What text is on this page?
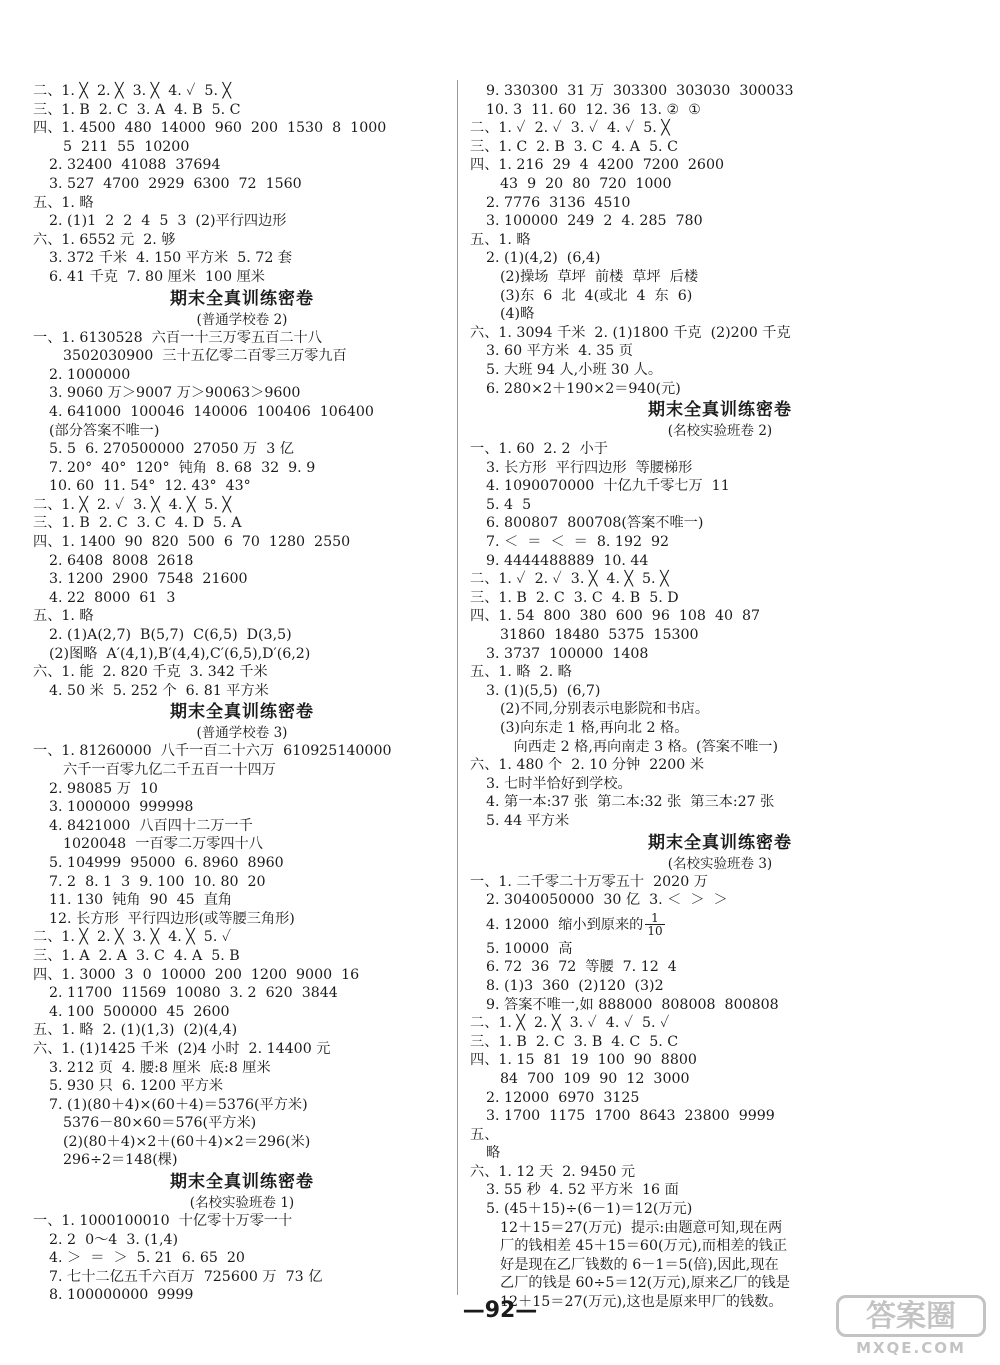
二、1. ╳  2. ╳  3. ╳  4. ✓  5. ╳
三、1. B  2. C  3. A  4. B  5. C
四、1. 4500  480  14000  960  200  1530  8  1000
5  211  55  10200
2. 32400  41088  37694
3. 527  4700  2929  6300  72  1560
五、1. 略
2. (1)1  2  2  4  5  3  (2)平行四边形
六、1. 6552 元  2. 够
3. 372 千米  4. 150 平方米  5. 72 套
6. 41 千克  7. 80 厘米  100 厘米
期末全真训练密卷
(普通学校卷 2)
一、1. 6130528  六百一十三万零五百二十八
3502030900  三十五亿零二百零三万零九百
2. 1000000
3. 9060 万＞9007 万＞90063＞9600
4. 641000  100046  140006  100406  106400
(部分答案不唯一)
5. 5  6. 270500000  27050 万  3 亿
7. 20°  40°  120°  钝角  8. 68  32  9. 9
10. 60  11. 54°  12. 43°  43°
二、1. ╳  2. ✓  3. ╳  4. ╳  5. ╳
三、1. B  2. C  3. C  4. D  5. A
四、1. 1400  90  820  500  6  70  1280  2550
2. 6408  8008  2618
3. 1200  2900  7548  21600
4. 22  8000  61  3
五、1. 略
2. (1)A(2,7)  B(5,7)  C(6,5)  D(3,5)
(2)图略  A′(4,1),B′(4,4),C′(6,5),D′(6,2)
六、1. 能  2. 820 千克  3. 342 千米
4. 50 米  5. 252 个  6. 81 平方米
期末全真训练密卷
(普通学校卷 3)
一、1. 81260000  八千一百二十六万  610925140000
六千一百零九亿二千五百一十四万
2. 98085 万  10
3. 1000000  999998
4. 8421000  八百四十二万一千
1020048  一百零二万零四十八
5. 104999  95000  6. 8960  8960
7. 2  8. 1  3  9. 100  10. 80  20
11. 130  钝角  90  45  直角
12. 长方形  平行四边形(或等腰三角形)
二、1. ╳  2. ╳  3. ╳  4. ╳  5. ✓
三、1. A  2. A  3. C  4. A  5. B
四、1. 3000  3  0  10000  200  1200  9000  16
2. 11700  11569  10080  3. 2  620  3844
4. 100  500000  45  2600
五、1. 略  2. (1)(1,3)  (2)(4,4)
六、1. (1)1425 千米  (2)4 小时  2. 14400 元
3. 212 页  4. 腰:8 厘米  底:8 厘米
5. 930 只  6. 1200 平方米
7. (1)(80＋4)×(60＋4)＝5376(平方米)
5376－80×60＝576(平方米)
(2)(80＋4)×2＋(60＋4)×2＝296(米)
296÷2＝148(棵)
期末全真训练密卷
(名校实验班卷 1)
一、1. 1000100010  十亿零十万零一十
2. 2  0～4  3. (1,4)
4. ＞  ＝  ＞  5. 21  6. 65  20
7. 七十二亿五千六百万  725600 万  73 亿
8. 100000000  9999
9. 330300  31 万  303300  303030  300033
10. 3  11. 60  12. 36  13. ②  ①
二、1. ✓  2. ✓  3. ✓  4. ✓  5. ╳
三、1. C  2. B  3. C  4. A  5. C
四、1. 216  29  4  4200  7200  2600
43  9  20  80  720  1000
2. 7776  3136  4510
3. 100000  249  2  4. 285  780
五、1. 略
2. (1)(4,2)  (6,4)
(2)操场  草坪  前楼  草坪  后楼
(3)东  6  北  4(或北  4  东  6)
(4)略
六、1. 3094 千米  2. (1)1800 千克  (2)200 千克
3. 60 平方米  4. 35 页
5. 大班 94 人,小班 30 人。
6. 280×2＋190×2＝940(元)
期末全真训练密卷
(名校实验班卷 2)
一、1. 60  2. 2  小于
3. 长方形  平行四边形  等腰梯形
4. 1090070000  十亿九千零七万  11
5. 4  5
6. 800807  800708(答案不唯一)
7. ＜  ＝  ＜  ＝  8. 192  92
9. 4444488889  10. 44
二、1. ✓  2. ✓  3. ╳  4. ╳  5. ╳
三、1. B  2. C  3. C  4. B  5. D
四、1. 54  800  380  600  96  108  40  87
31860  18480  5375  15300
3. 3737  100000  1408
五、1. 略  2. 略
3. (1)(5,5)  (6,7)
(2)不同,分别表示电影院和书店。
(3)向东走 1 格,再向北 2 格。
向西走 2 格,再向南走 3 格。(答案不唯一)
六、1. 480 个  2. 10 分钟  2200 米
3. 七时半恰好到学校。
4. 第一本:37 张  第二本:32 张  第三本:27 张
5. 44 平方米
期末全真训练密卷
(名校实验班卷 3)
一、1. 二千零二十万零五十  2020 万
2. 3040050000  30 亿  3. ＜  ＞  ＞
4. 12000  缩小到原来的 $\frac{1}{10}$
5. 10000  高
6. 72  36  72  等腰  7. 12  4
8. (1)3  360  (2)120  (3)2
9. 答案不唯一,如 888000  808008  800808
二、1. ╳  2. ╳  3. ✓  4. ✓  5. ✓
三、1. B  2. C  3. B  4. C  5. C
四、1. 15  81  19  100  90  8800
84  700  109  90  12  3000
2. 12000  6970  3125
3. 1700  1175  1700  8643  23800  9999
五、
略
六、1. 12 天  2. 9450 元
3. 55 秒  4. 52 平方米  16 面
5. (45＋15)÷(6－1)＝12(万元)
12＋15＝27(万元)  提示:由题意可知,现在两
厂的钱相差 45＋15＝60(万元),而相差的钱正
好是现在乙厂钱数的 6－1＝5(倍),因此,现在
乙厂的钱是 60÷5＝12(万元),原来乙厂的钱是
12＋15＝27(万元),这也是原来甲厂的钱数。
—92—	答案圈
MXQE.COM
